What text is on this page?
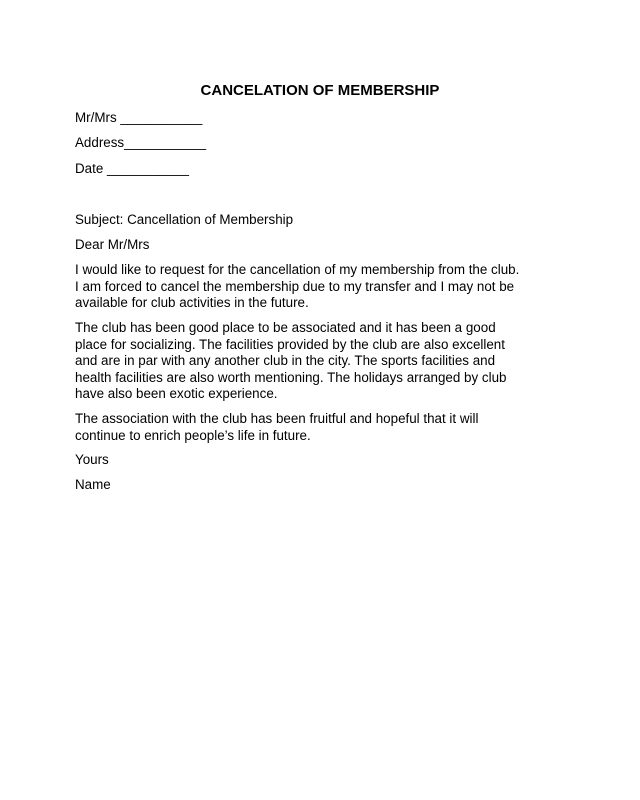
CANCELATION OF MEMBERSHIP

Mr/Mrs ___________

Address___________

Date ___________

Subject: Cancellation of Membership

Dear Mr/Mrs

I would like to request for the cancellation of my membership from the club.
I am forced to cancel the membership due to my transfer and I may not be
available for club activities in the future.

The club has been good place to be associated and it has been a good
place for socializing. The facilities provided by the club are also excellent
and are in par with any another club in the city. The sports facilities and
health facilities are also worth mentioning. The holidays arranged by club
have also been exotic experience.

The association with the club has been fruitful and hopeful that it will
continue to enrich people’s life in future.

Yours

Name
